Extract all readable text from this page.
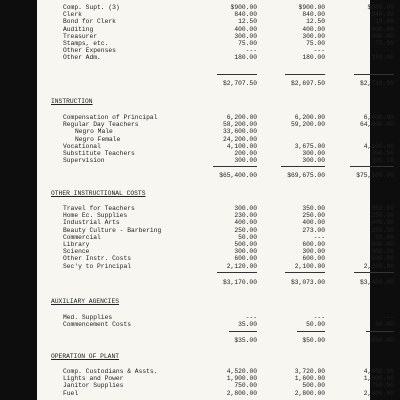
Comp. Supt. (3)	$900.00	$900.00	$900.00
Clerk	840.00	840.00	840.00
Bond for Clerk	12.50	12.50	15.00
Auditing	400.00	400.00	400.00
Treasurer	300.00	300.00	300.00
Stamps, etc.	75.00	75.00	75.00
Other Expenses	---	---	---
Other Adm.	180.00	180.00	180.00
$2,707.50	$2,697.50	$2,710.00
INSTRUCTION
Compensation of Principal	6,200.00	6,200.00	6,400.00
Regular Day Teachers	58,200.00	59,200.00	64,000.00
Negro Male	33,600.00
Negro Female	24,200.00
Vocational	4,100.00	3,675.00	4,100.00
Substitute Teachers	200.00	300.00	300.00
Supervision	300.00	300.00	300.00
$65,400.00	$69,675.00	$75,100.00
OTHER INSTRUCTIONAL COSTS
Travel for Teachers	300.00	350.00	350.00
Home Ec. Supplies	230.00	250.00	250.00
Industrial Arts	400.00	400.00	400.00
Beauty Culture - Barbering	250.00	273.00	250.00
Commercial	50.00	---	50.00
Library	500.00	600.00	600.00
Science	300.00	300.00	300.00
Other Instr. Costs	600.00	600.00	600.00
Sec'y to Principal	2,120.00	2,100.00	2,200.00
$3,170.00	$3,073.00	$3,400.00
AUXILIARY AGENCIES
Med. Supplies	---	---	---
Commencement Costs	35.00	50.00	50.00
$35.00	$50.00	$50.00
OPERATION OF PLANT
Comp. Custodians & Assts.	4,520.00	3,720.00	4,000.00
Lights and Power	1,900.00	1,600.00	1,800.00
Janitor Supplies	750.00	500.00	750.00
Fuel	2,800.00	2,800.00	2,800.00
